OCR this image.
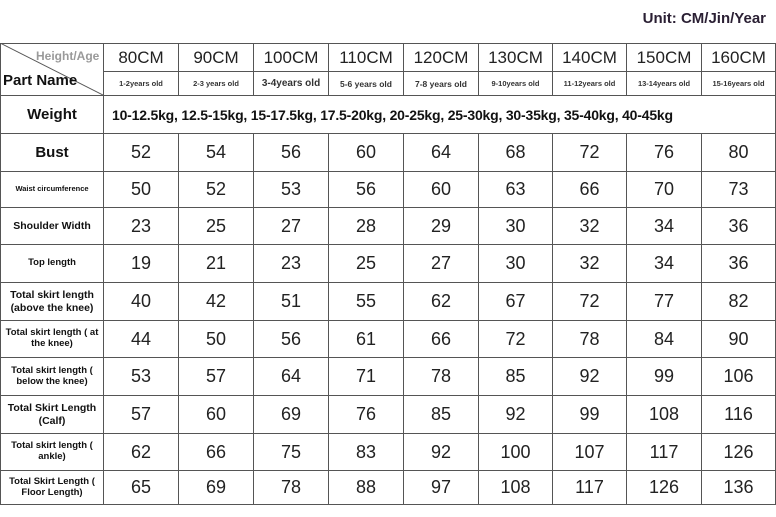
Unit: CM/Jin/Year
	80CM	90CM	100CM	110CM	120CM	130CM	140CM	150CM	160CM
	1-2years old	2-3 years old	3-4years old	5-6 years old	7-8 years old	9-10years old	11-12years old	13-14years old	15-16years old
Weight	10-12.5kg, 12.5-15kg, 15-17.5kg, 17.5-20kg, 20-25kg, 25-30kg, 30-35kg, 35-40kg, 40-45kg								
Bust	52	54	56	60	64	68	72	76	80
Waist circumference	50	52	53	56	60	63	66	70	73
Shoulder Width	23	25	27	28	29	30	32	34	36
Top length	19	21	23	25	27	30	32	34	36
Total skirt length (above the knee)	40	42	51	55	62	67	72	77	82
Total skirt length ( at the knee)	44	50	56	61	66	72	78	84	90
Total skirt length ( below the knee)	53	57	64	71	78	85	92	99	106
Total Skirt Length (Calf)	57	60	69	76	85	92	99	108	116
Total skirt length ( ankle)	62	66	75	83	92	100	107	117	126
Total Skirt Length ( Floor Length)	65	69	78	88	97	108	117	126	136
Height/Age
Part Name
